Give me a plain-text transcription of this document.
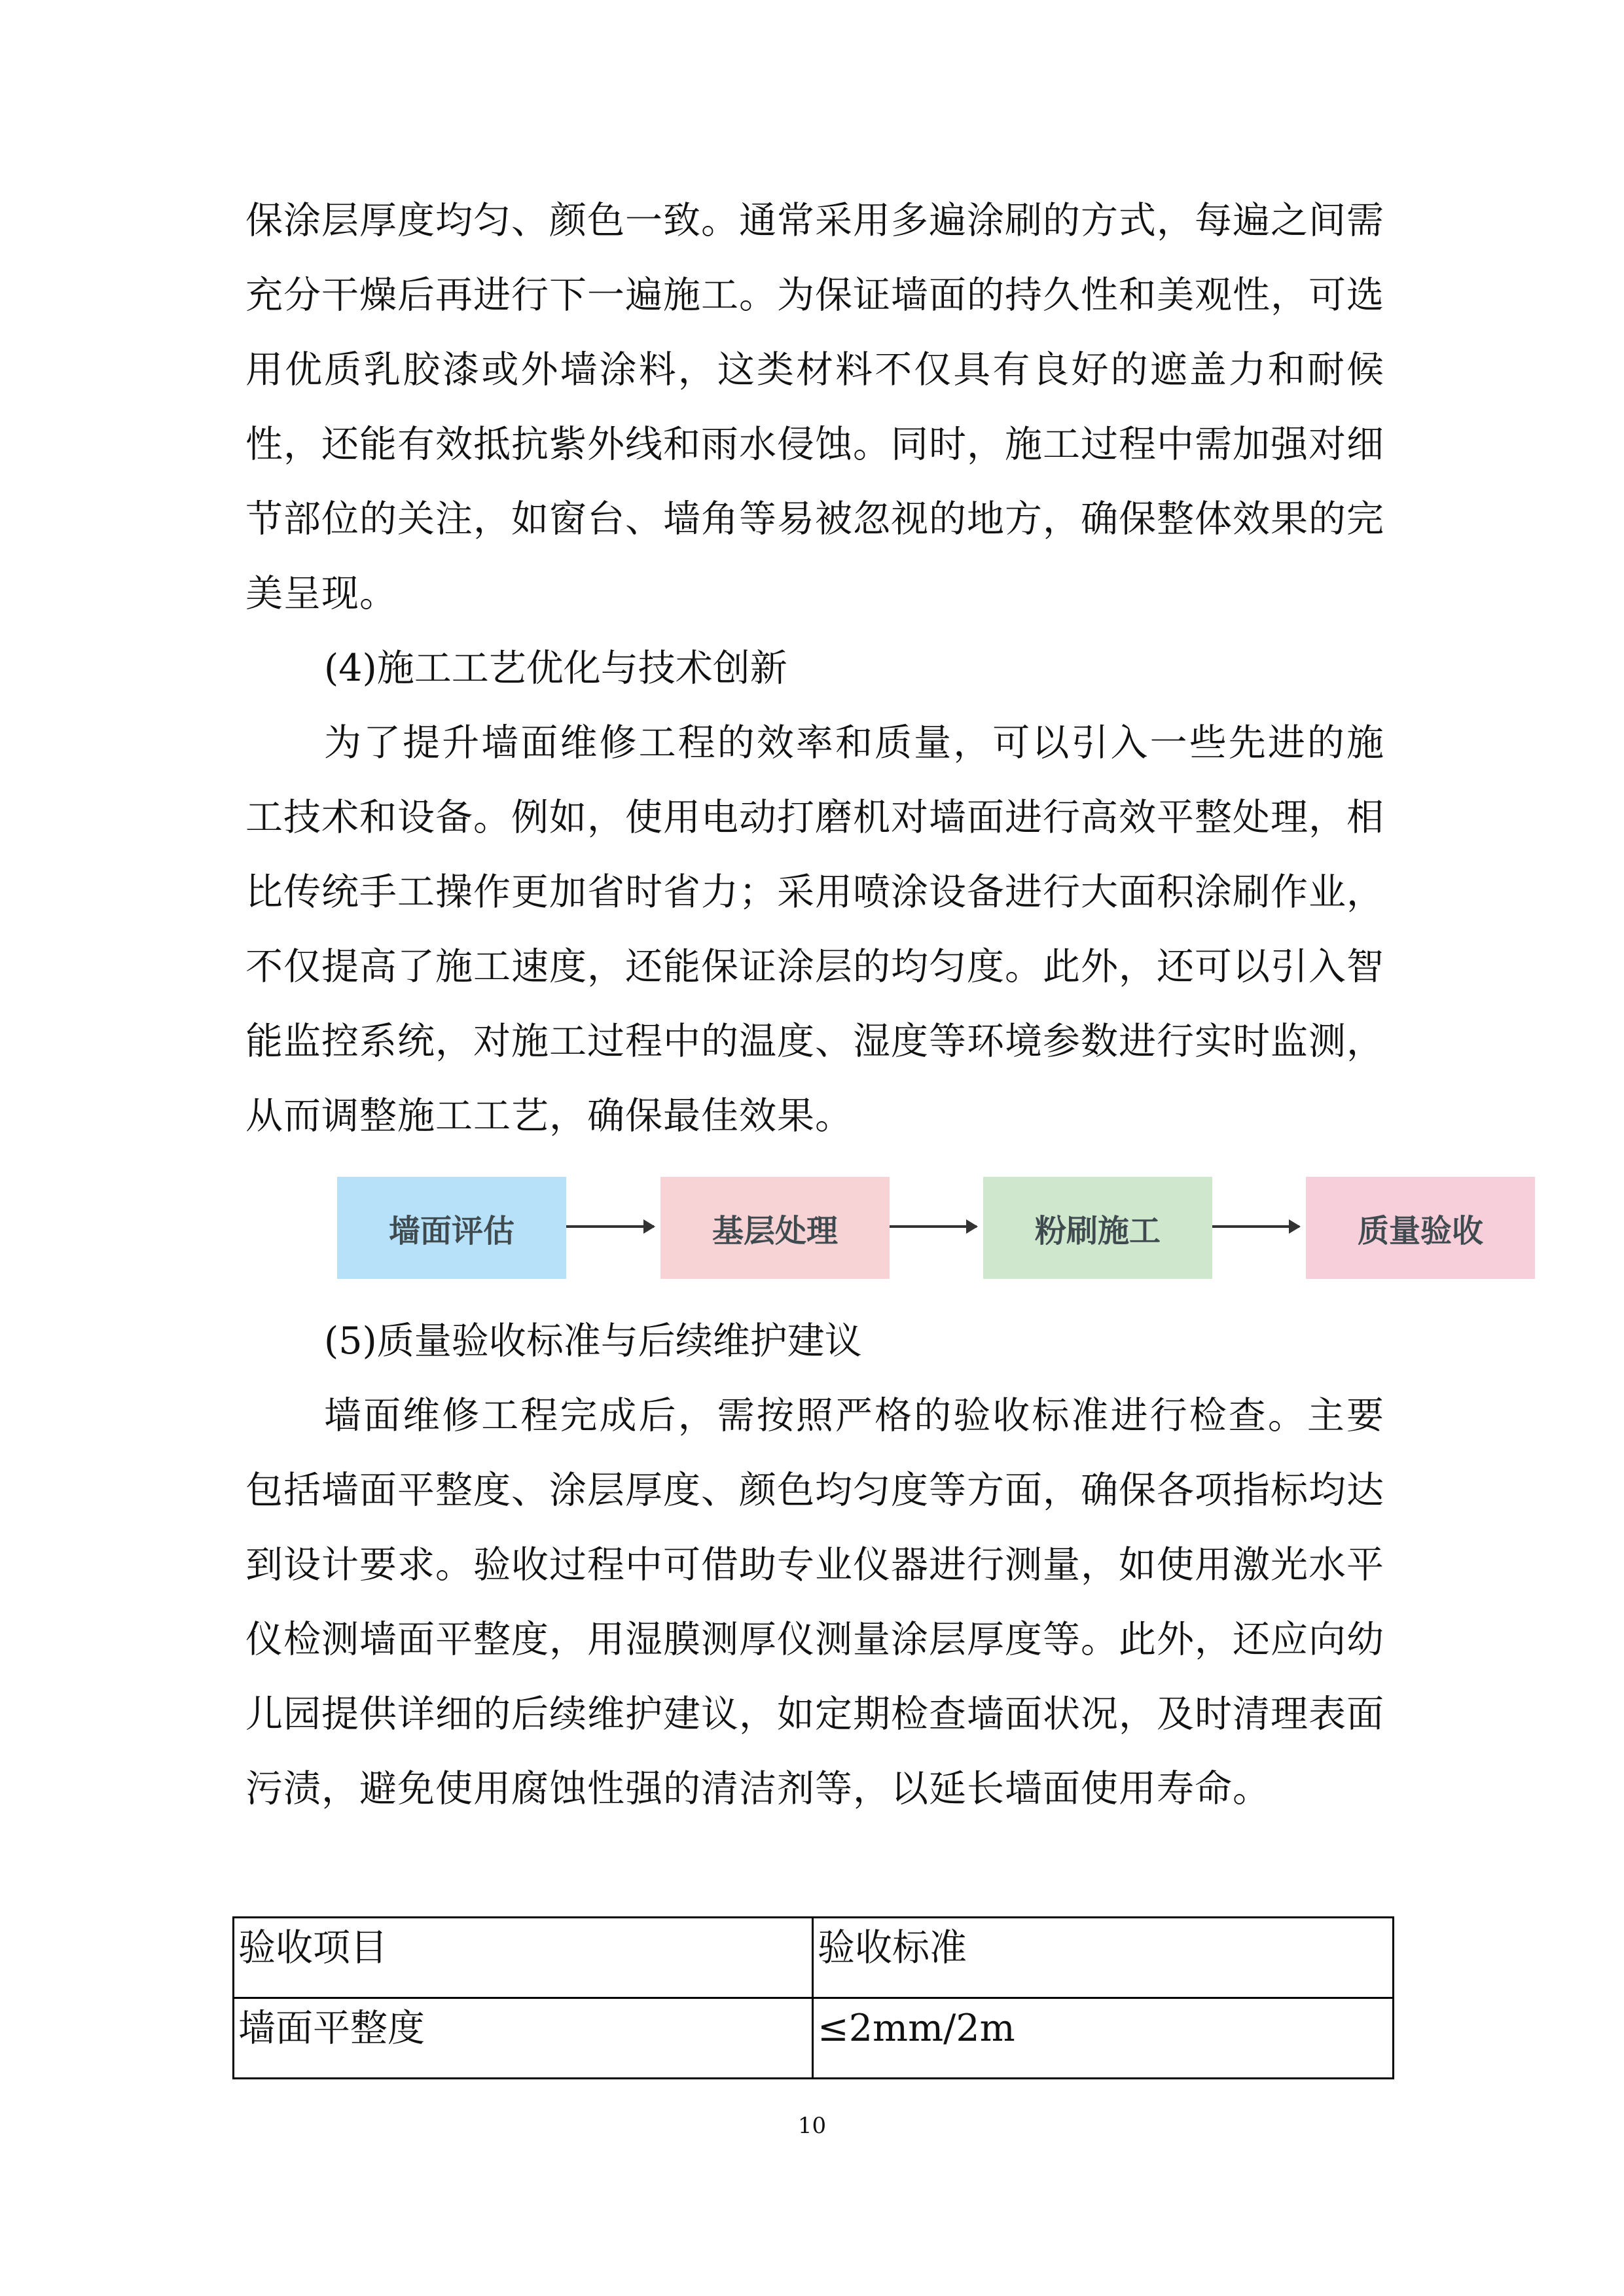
保涂层厚度均匀、颜色一致。通常采用多遍涂刷的方式，每遍之间需充分干燥后再进行下一遍施工。为保证墙面的持久性和美观性，可选用优质乳胶漆或外墙涂料，这类材料不仅具有良好的遮盖力和耐候性，还能有效抵抗紫外线和雨水侵蚀。同时，施工过程中需加强对细节部位的关注，如窗台、墙角等易被忽视的地方，确保整体效果的完美呈现。

(4)施工工艺优化与技术创新

为了提升墙面维修工程的效率和质量，可以引入一些先进的施工技术和设备。例如，使用电动打磨机对墙面进行高效平整处理，相比传统手工操作更加省时省力；采用喷涂设备进行大面积涂刷作业，不仅提高了施工速度，还能保证涂层的均匀度。此外，还可以引入智能监控系统，对施工过程中的温度、湿度等环境参数进行实时监测，从而调整施工工艺，确保最佳效果。

墙面评估	基层处理	粉刷施工	质量验收

(5)质量验收标准与后续维护建议

墙面维修工程完成后，需按照严格的验收标准进行检查。主要包括墙面平整度、涂层厚度、颜色均匀度等方面，确保各项指标均达到设计要求。验收过程中可借助专业仪器进行测量，如使用激光水平仪检测墙面平整度，用湿膜测厚仪测量涂层厚度等。此外，还应向幼儿园提供详细的后续维护建议，如定期检查墙面状况，及时清理表面污渍，避免使用腐蚀性强的清洁剂等，以延长墙面使用寿命。

验收项目	验收标准
墙面平整度	≤2mm/2m
10
